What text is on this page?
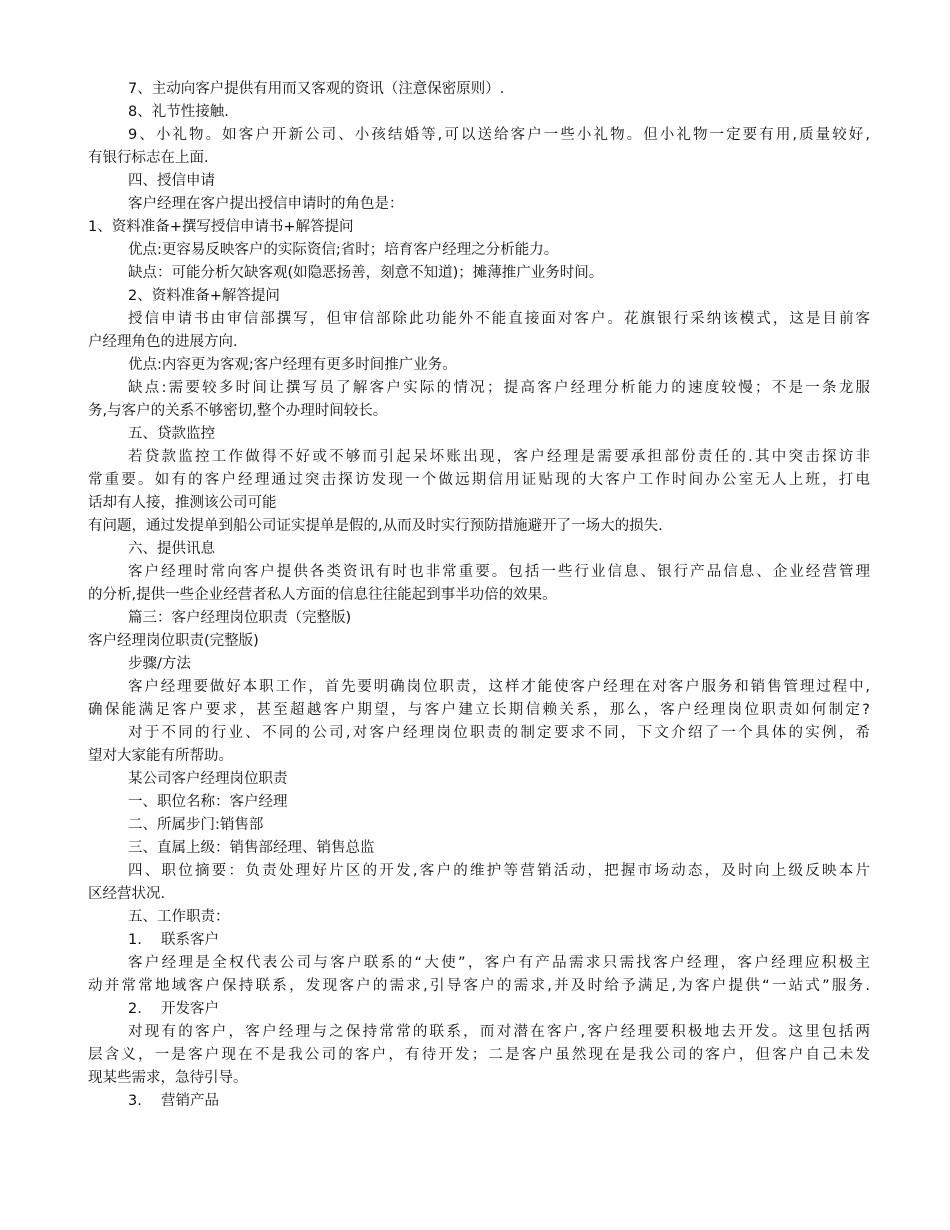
7、主动向客户提供有用而又客观的资讯（注意保密原则）.
8、礼节性接触.
9、小礼物。如客户开新公司、小孩结婚等,可以送给客户一些小礼物。但小礼物一定要有用,质量较好,
有银行标志在上面.
四、授信申请
客户经理在客户提出授信申请时的角色是：
1、资料准备+撰写授信申请书+解答提问
优点:更容易反映客户的实际资信;省时；培育客户经理之分析能力。
缺点：可能分析欠缺客观(如隐恶扬善，刻意不知道)；摊薄推广业务时间。
2、资料准备+解答提问
授信申请书由审信部撰写，但审信部除此功能外不能直接面对客户。花旗银行采纳该模式，这是目前客
户经理角色的进展方向.
优点:内容更为客观;客户经理有更多时间推广业务。
缺点:需要较多时间让撰写员了解客户实际的情况；提高客户经理分析能力的速度较慢；不是一条龙服
务,与客户的关系不够密切,整个办理时间较长。
五、贷款监控
若贷款监控工作做得不好或不够而引起呆坏账出现，客户经理是需要承担部份责任的.其中突击探访非
常重要。如有的客户经理通过突击探访发现一个做远期信用证贴现的大客户工作时间办公室无人上班，打电
话却有人接，推测该公司可能
有问题，通过发提单到船公司证实提单是假的,从而及时实行预防措施避开了一场大的损失.
六、提供讯息
客户经理时常向客户提供各类资讯有时也非常重要。包括一些行业信息、银行产品信息、企业经营管理
的分析,提供一些企业经营者私人方面的信息往往能起到事半功倍的效果。
篇三：客户经理岗位职责（完整版)
客户经理岗位职责(完整版)
步骤/方法
客户经理要做好本职工作，首先要明确岗位职责，这样才能使客户经理在对客户服务和销售管理过程中,
确保能满足客户要求，甚至超越客户期望，与客户建立长期信赖关系，那么，客户经理岗位职责如何制定?
对于不同的行业、不同的公司,对客户经理岗位职责的制定要求不同，下文介绍了一个具体的实例，希
望对大家能有所帮助。
某公司客户经理岗位职责
一、职位名称：客户经理
二、所属步门:销售部
三、直属上级：销售部经理、销售总监
四、职位摘要：负责处理好片区的开发,客户的维护等营销活动，把握市场动态，及时向上级反映本片
区经营状况.
五、工作职责：
1.　 联系客户
客户经理是全权代表公司与客户联系的“大使”，客户有产品需求只需找客户经理，客户经理应积极主
动并常常地域客户保持联系，发现客户的需求,引导客户的需求,并及时给予满足,为客户提供“一站式”服务.
2.　 开发客户
对现有的客户，客户经理与之保持常常的联系，而对潜在客户,客户经理要积极地去开发。这里包括两
层含义，一是客户现在不是我公司的客户，有待开发；二是客户虽然现在是我公司的客户，但客户自己未发
现某些需求，急待引导。
3.　 营销产品
